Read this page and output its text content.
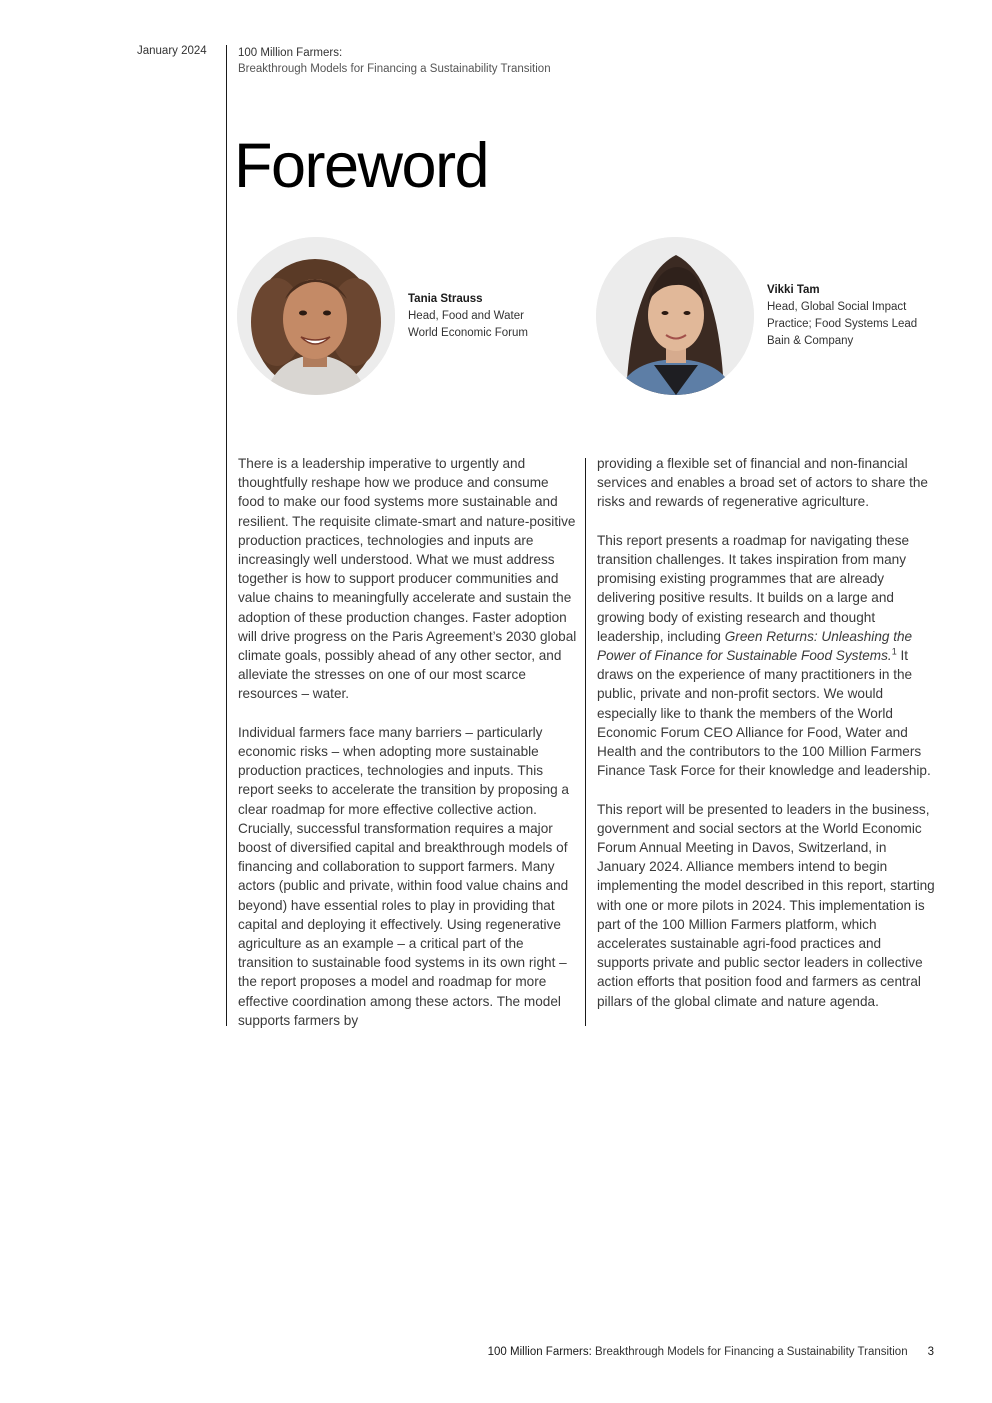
January 2024	100 Million Farmers:
Breakthrough Models for Financing a Sustainability Transition
Foreword
Tania Strauss
Head, Food and Water
World Economic Forum
Vikki Tam
Head, Global Social Impact Practice; Food Systems Lead
Bain & Company

There is a leadership imperative to urgently and thoughtfully reshape how we produce and consume food to make our food systems more sustainable and resilient. The requisite climate-smart and nature-positive production practices, technologies and inputs are increasingly well understood. What we must address together is how to support producer communities and value chains to meaningfully accelerate and sustain the adoption of these production changes. Faster adoption will drive progress on the Paris Agreement’s 2030 global climate goals, possibly ahead of any other sector, and alleviate the stresses on one of our most scarce resources – water.

Individual farmers face many barriers – particularly economic risks – when adopting more sustainable production practices, technologies and inputs. This report seeks to accelerate the transition by proposing a clear roadmap for more effective collective action. Crucially, successful transformation requires a major boost of diversified capital and breakthrough models of financing and collaboration to support farmers. Many actors (public and private, within food value chains and beyond) have essential roles to play in providing that capital and deploying it effectively. Using regenerative agriculture as an example – a critical part of the transition to sustainable food systems in its own right – the report proposes a model and roadmap for more effective coordination among these actors. The model supports farmers by

providing a flexible set of financial and non-financial services and enables a broad set of actors to share the risks and rewards of regenerative agriculture.

This report presents a roadmap for navigating these transition challenges. It takes inspiration from many promising existing programmes that are already delivering positive results. It builds on a large and growing body of existing research and thought leadership, including Green Returns: Unleashing the Power of Finance for Sustainable Food Systems.$^1$ It draws on the experience of many practitioners in the public, private and non-profit sectors. We would especially like to thank the members of the World Economic Forum CEO Alliance for Food, Water and Health and the contributors to the 100 Million Farmers Finance Task Force for their knowledge and leadership.

This report will be presented to leaders in the business, government and social sectors at the World Economic Forum Annual Meeting in Davos, Switzerland, in January 2024. Alliance members intend to begin implementing the model described in this report, starting with one or more pilots in 2024. This implementation is part of the 100 Million Farmers platform, which accelerates sustainable agri-food practices and supports private and public sector leaders in collective action efforts that position food and farmers as central pillars of the global climate and nature agenda.

100 Million Farmers: Breakthrough Models for Financing a Sustainability Transition 3
